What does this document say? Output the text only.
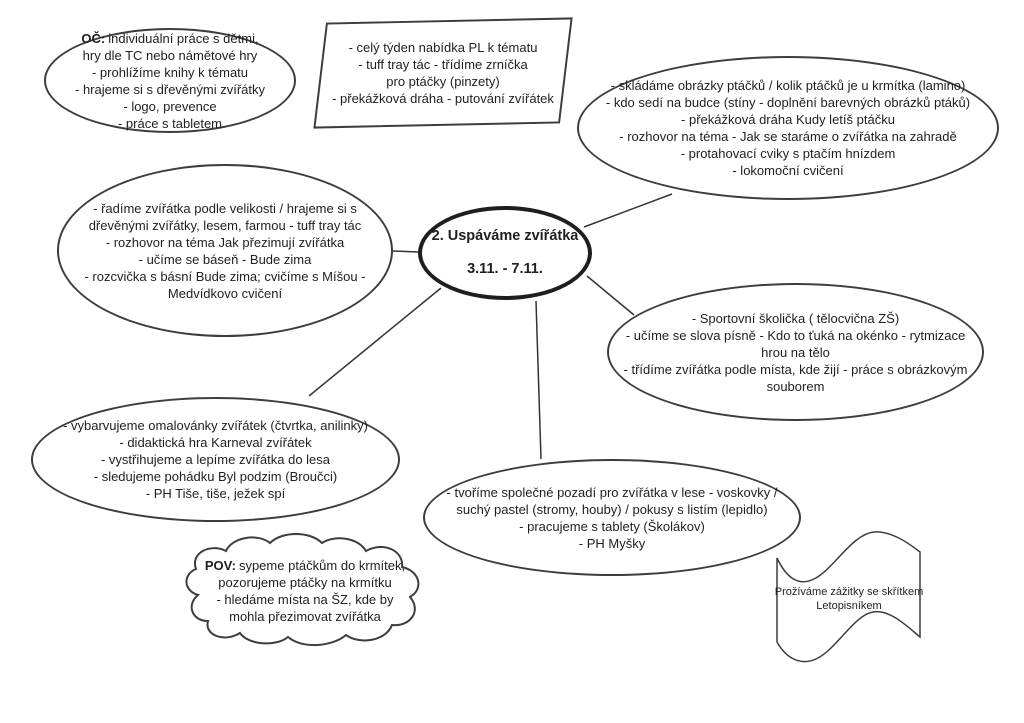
OČ: individuální práce s dětmi,
hry dle TC nebo námětové hry
- prohlížíme knihy k tématu
- hrajeme si s dřevěnými zvířátky
- logo, prevence
- práce s tabletem
- celý týden nabídka PL k tématu
- tuff tray tác - třídíme zrníčka
pro ptáčky (pinzety)
- překážková dráha - putování zvířátek
- skládáme obrázky ptáčků / kolik ptáčků je u krmítka (lamino)
- kdo sedí na budce (stíny - doplnění barevných obrázků ptáků)
- překážková dráha Kudy letíš ptáčku
- rozhovor na téma - Jak se staráme o zvířátka na zahradě
- protahovací cviky s ptačím hnízdem
- lokomoční cvičení
- řadíme zvířátka podle velikosti / hrajeme si s
dřevěnými zvířátky, lesem, farmou - tuff tray tác
- rozhovor na téma Jak přezimují zvířátka
- učíme se báseň - Bude zima
- rozcvička s básní Bude zima; cvičíme s Míšou -
Medvídkovo cvičení
2. Uspáváme zvířátka
3.11. - 7.11.
- Sportovní školička ( tělocvična ZŠ)
- učíme se slova písně - Kdo to ťuká na okénko - rytmizace
hrou na tělo
- třídíme zvířátka podle místa, kde žijí - práce s obrázkovým
souborem
- vybarvujeme omalovánky zvířátek (čtvrtka, anilinky)
- didaktická hra Karneval zvířátek
- vystřihujeme a lepíme zvířátka do lesa
- sledujeme pohádku Byl podzim (Broučci)
- PH Tiše, tiše, ježek spí	- tvoříme společné pozadí pro zvířátka v lese - voskovky /
suchý pastel (stromy, houby) / pokusy s listím (lepidlo)
- pracujeme s tablety (Školákov)
- PH Myšky
POV: sypeme ptáčkům do krmítek,
pozorujeme ptáčky na krmítku
- hledáme místa na ŠZ, kde by
mohla přezimovat zvířátka
Prožíváme zážitky se skřítkem
Letopisníkem
